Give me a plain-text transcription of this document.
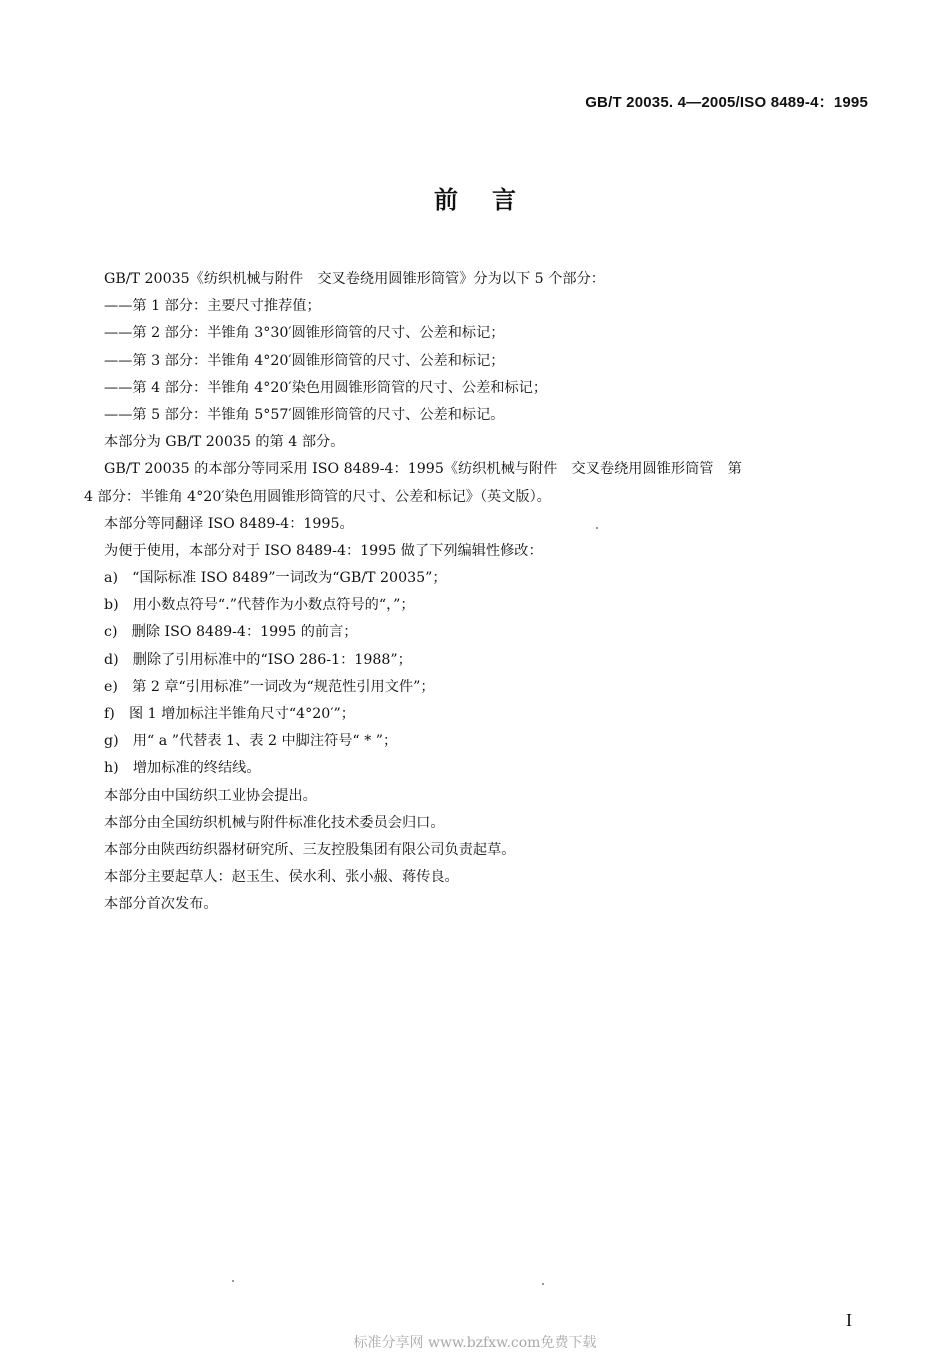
GB/T 20035. 4—2005/ISO 8489-4：1995
前言
GB/T 20035《纺织机械与附件　交叉卷绕用圆锥形筒管》分为以下 5 个部分：
——第 1 部分：主要尺寸推荐值；
——第 2 部分：半锥角 3°30′圆锥形筒管的尺寸、公差和标记；
——第 3 部分：半锥角 4°20′圆锥形筒管的尺寸、公差和标记；
——第 4 部分：半锥角 4°20′染色用圆锥形筒管的尺寸、公差和标记；
——第 5 部分：半锥角 5°57′圆锥形筒管的尺寸、公差和标记。
本部分为 GB/T 20035 的第 4 部分。
GB/T 20035 的本部分等同采用 ISO 8489-4：1995《纺织机械与附件　交叉卷绕用圆锥形筒管　第
4 部分：半锥角 4°20′染色用圆锥形筒管的尺寸、公差和标记》（英文版）。
本部分等同翻译 ISO 8489-4：1995。
为便于使用，本部分对于 ISO 8489-4：1995 做了下列编辑性修改：
a)　“国际标准 ISO 8489”一词改为“GB/T 20035”；
b)　用小数点符号“.”代替作为小数点符号的“，”；
c)　删除 ISO 8489-4：1995 的前言；
d)　删除了引用标准中的“ISO 286-1：1988”；
e)　第 2 章“引用标准”一词改为“规范性引用文件”；
f)　图 1 增加标注半锥角尺寸“4°20′”；
g)　用“ a ”代替表 1、表 2 中脚注符号“ * ”；
h)　增加标准的终结线。
本部分由中国纺织工业协会提出。
本部分由全国纺织机械与附件标准化技术委员会归口。
本部分由陕西纺织器材研究所、三友控股集团有限公司负责起草。
本部分主要起草人：赵玉生、侯水利、张小赧、蒋传良。
本部分首次发布。
I
标准分享网 www.bzfxw.com免费下载
